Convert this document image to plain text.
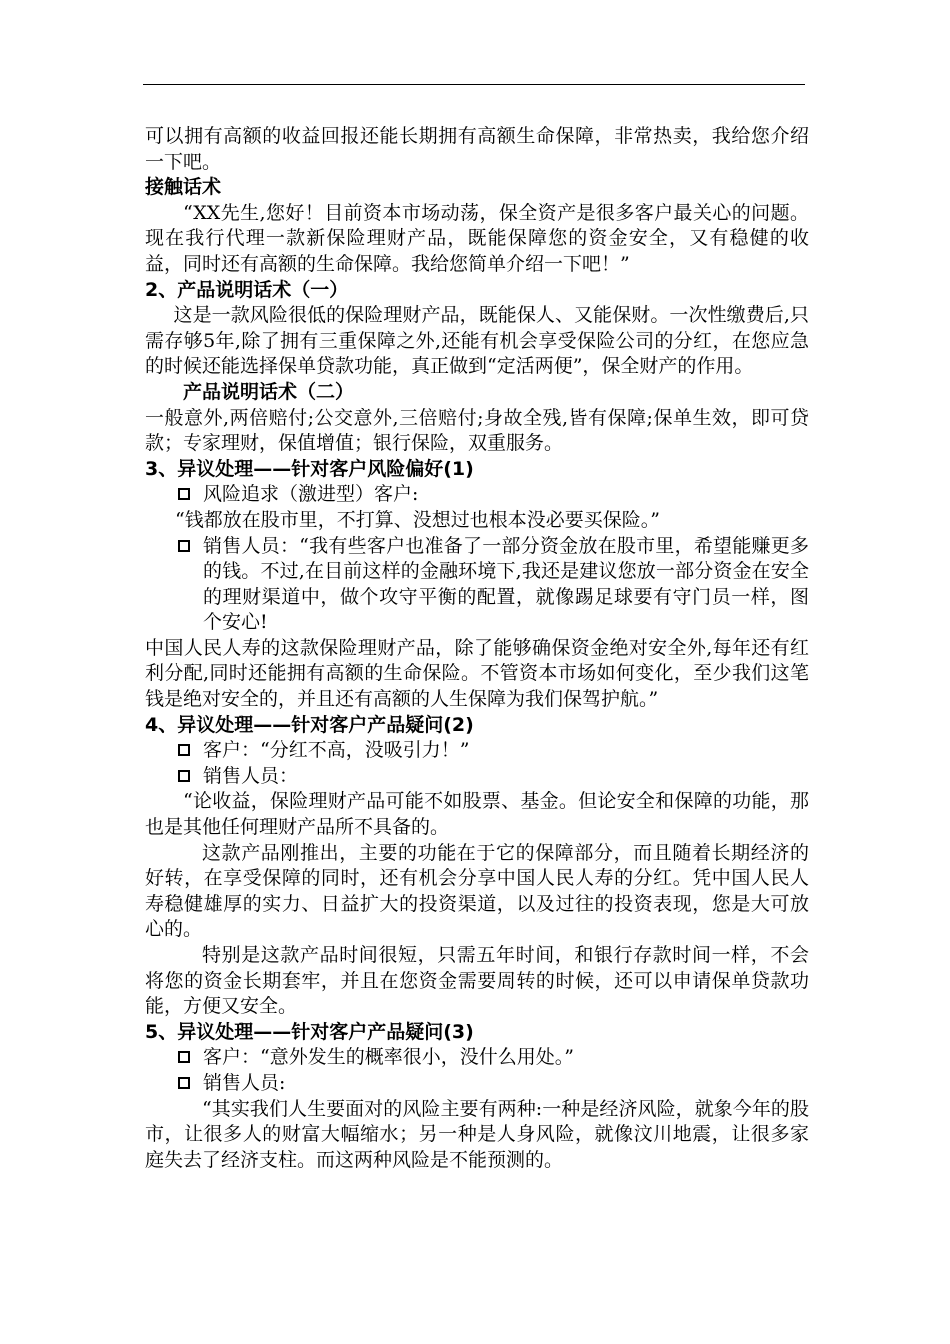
可以拥有高额的收益回报还能长期拥有高额生命保障，非常热卖，我给您介绍一下吧。

接触话术

“XX先生,您好！目前资本市场动荡，保全资产是很多客户最关心的问题。现在我行代理一款新保险理财产品，既能保障您的资金安全，又有稳健的收益，同时还有高额的生命保障。我给您简单介绍一下吧！”

2、产品说明话术（一）

这是一款风险很低的保险理财产品，既能保人、又能保财。一次性缴费后,只需存够5年,除了拥有三重保障之外,还能有机会享受保险公司的分红，在您应急的时候还能选择保单贷款功能，真正做到“定活两便”，保全财产的作用。

产品说明话术（二）

一般意外,两倍赔付;公交意外,三倍赔付;身故全残,皆有保障;保单生效，即可贷款；专家理财，保值增值；银行保险，双重服务。

3、异议处理——针对客户风险偏好(1)

风险追求（激进型）客户:

“钱都放在股市里，不打算、没想过也根本没必要买保险。”

销售人员：“我有些客户也准备了一部分资金放在股市里，希望能赚更多的钱。不过,在目前这样的金融环境下,我还是建议您放一部分资金在安全的理财渠道中，做个攻守平衡的配置，就像踢足球要有守门员一样，图个安心!

中国人民人寿的这款保险理财产品，除了能够确保资金绝对安全外,每年还有红利分配,同时还能拥有高额的生命保险。不管资本市场如何变化，至少我们这笔钱是绝对安全的，并且还有高额的人生保障为我们保驾护航。”

4、异议处理——针对客户产品疑问(2)

客户：“分红不高，没吸引力！”

销售人员：

“论收益，保险理财产品可能不如股票、基金。但论安全和保障的功能，那也是其他任何理财产品所不具备的。

这款产品刚推出，主要的功能在于它的保障部分，而且随着长期经济的好转，在享受保障的同时，还有机会分享中国人民人寿的分红。凭中国人民人寿稳健雄厚的实力、日益扩大的投资渠道，以及过往的投资表现，您是大可放心的。

特别是这款产品时间很短，只需五年时间，和银行存款时间一样，不会将您的资金长期套牢，并且在您资金需要周转的时候，还可以申请保单贷款功能，方便又安全。

5、异议处理——针对客户产品疑问(3)

客户：“意外发生的概率很小，没什么用处。”

销售人员:

“其实我们人生要面对的风险主要有两种:一种是经济风险，就象今年的股市，让很多人的财富大幅缩水；另一种是人身风险，就像汶川地震，让很多家庭失去了经济支柱。而这两种风险是不能预测的。
